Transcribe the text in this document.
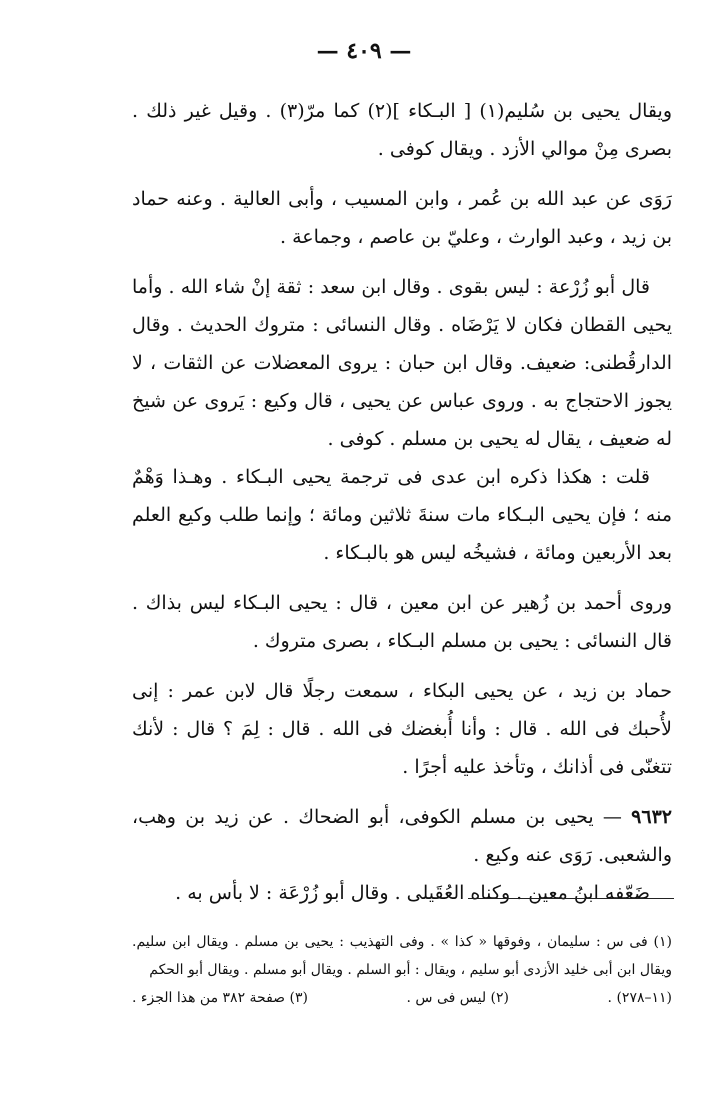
— ٤٠٩ —

ويقال يحيى بن سُليم(١) [ البـكاء ](٢) كما مرّ(٣) . وقيل غير ذلك . بصرى مِنْ موالي الأزد . ويقال كوفى .

رَوَى عن عبد الله بن عُمر ، وابن المسيب ، وأبى العالية . وعنه حماد بن زيد ، وعبد الوارث ، وعليّ بن عاصم ، وجماعة .

قال أبو زُرْعة : ليس بقوى . وقال ابن سعد : ثقة إنْ شاء الله . وأما يحيى القطان فكان لا يَرْضَاه . وقال النسائى : متروك الحديث . وقال الدارقُطنى: ضعيف. وقال ابن حبان : يروى المعضلات عن الثقات ، لا يجوز الاحتجاج به . وروى عباس عن يحيى ، قال وكيع : يَروى عن شيخ له ضعيف ، يقال له يحيى بن مسلم . كوفى .

قلت : هكذا ذكره ابن عدى فى ترجمة يحيى البـكاء . وهـذا وَهْمٌ منه ؛ فإن يحيى البـكاء مات سنةَ ثلاثين ومائة ؛ وإنما طلب وكيع العلم بعد الأربعين ومائة ، فشيخُه ليس هو بالبـكاء .

وروى أحمد بن زُهير عن ابن معين ، قال : يحيى البـكاء ليس بذاك . قال النسائى : يحيى بن مسلم البـكاء ، بصرى متروك .

حماد بن زيد ، عن يحيى البكاء ، سمعت رجلًا قال لابن عمر : إنى لأُحبك فى الله . قال : وأنا أُبغضك فى الله . قال : لِمَ ؟ قال : لأنك تتغنّى فى أذانك ، وتأخذ عليه أجرًا .

٩٦٣٢ — يحيى بن مسلم الكوفى، أبو الضحاك . عن زيد بن وهب، والشعبى. رَوَى عنه وكيع .

ضَعّفه ابنُ معين . وكناه العُقَيلى . وقال أبو زُرْعَة : لا بأس به .

(١) فى س : سليمان ، وفوقها « كذا » . وفى التهذيب : يحيى بن مسلم . ويقال ابن سليم. ويقال ابن أبى خليد الأزدى أبو سليم ، ويقال : أبو السلم . ويقال أبو مسلم . ويقال أبو الحكم

(١١–٢٧٨) .
(٢) ليس فى س .
(٣) صفحة ٣٨٢ من هذا الجزء .
